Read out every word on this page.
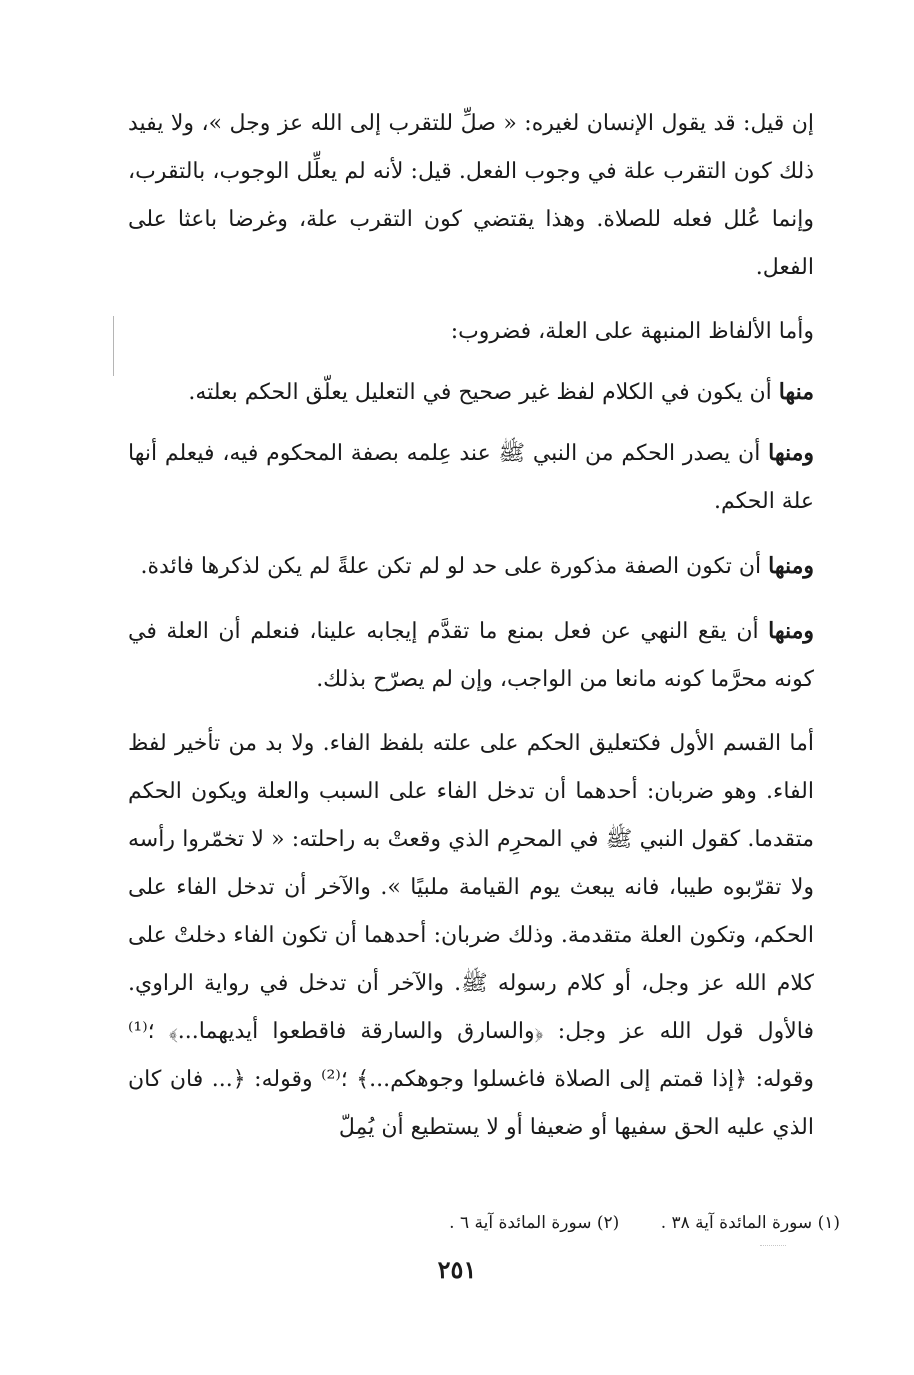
إن قيل: قد يقول الإنسان لغيره: « صلِّ للتقرب إلى الله عز وجل »، ولا يفيد ذلك كون التقرب علة في وجوب الفعل. قيل: لأنه لم يعلِّل الوجوب، بالتقرب، وإنما عُلل فعله للصلاة. وهذا يقتضي كون التقرب علة، وغرضا باعثا على الفعل.

وأما الألفاظ المنبهة على العلة، فضروب:

منها أن يكون في الكلام لفظ غير صحيح في التعليل يعلّق الحكم بعلته.

ومنها أن يصدر الحكم من النبي ﷺ عند عِلمه بصفة المحكوم فيه، فيعلم أنها علة الحكم.

ومنها أن تكون الصفة مذكورة على حد لو لم تكن علةً لم يكن لذكرها فائدة.

ومنها أن يقع النهي عن فعل بمنع ما تقدَّم إيجابه علينا، فنعلم أن العلة في كونه محرَّما كونه مانعا من الواجب، وإن لم يصرّح بذلك.

أما القسم الأول فكتعليق الحكم على علته بلفظ الفاء. ولا بد من تأخير لفظ الفاء. وهو ضربان: أحدهما أن تدخل الفاء على السبب والعلة ويكون الحكم متقدما. كقول النبي ﷺ في المحرِم الذي وقعتْ به راحلته: « لا تخمّروا رأسه ولا تقرّبوه طيبا، فانه يبعث يوم القيامة ملبيًا ». والآخر أن تدخل الفاء على الحكم، وتكون العلة متقدمة. وذلك ضربان: أحدهما أن تكون الفاء دخلتْ على كلام الله عز وجل، أو كلام رسوله ﷺ. والآخر أن تدخل في رواية الراوي. فالأول قول الله عز وجل: ﴿والسارق والسارقة فاقطعوا أيديهما...﴾ ؛⁽¹⁾ وقوله: ﴿إذا قمتم إلى الصلاة فاغسلوا وجوهكم...﴾ ؛⁽²⁾ وقوله: ﴿... فان كان الذي عليه الحق سفيها أو ضعيفا أو لا يستطيع أن يُمِلّ

(١) سورة المائدة آية ٣٨ . (٢) سورة المائدة آية ٦ .
٢٥١
